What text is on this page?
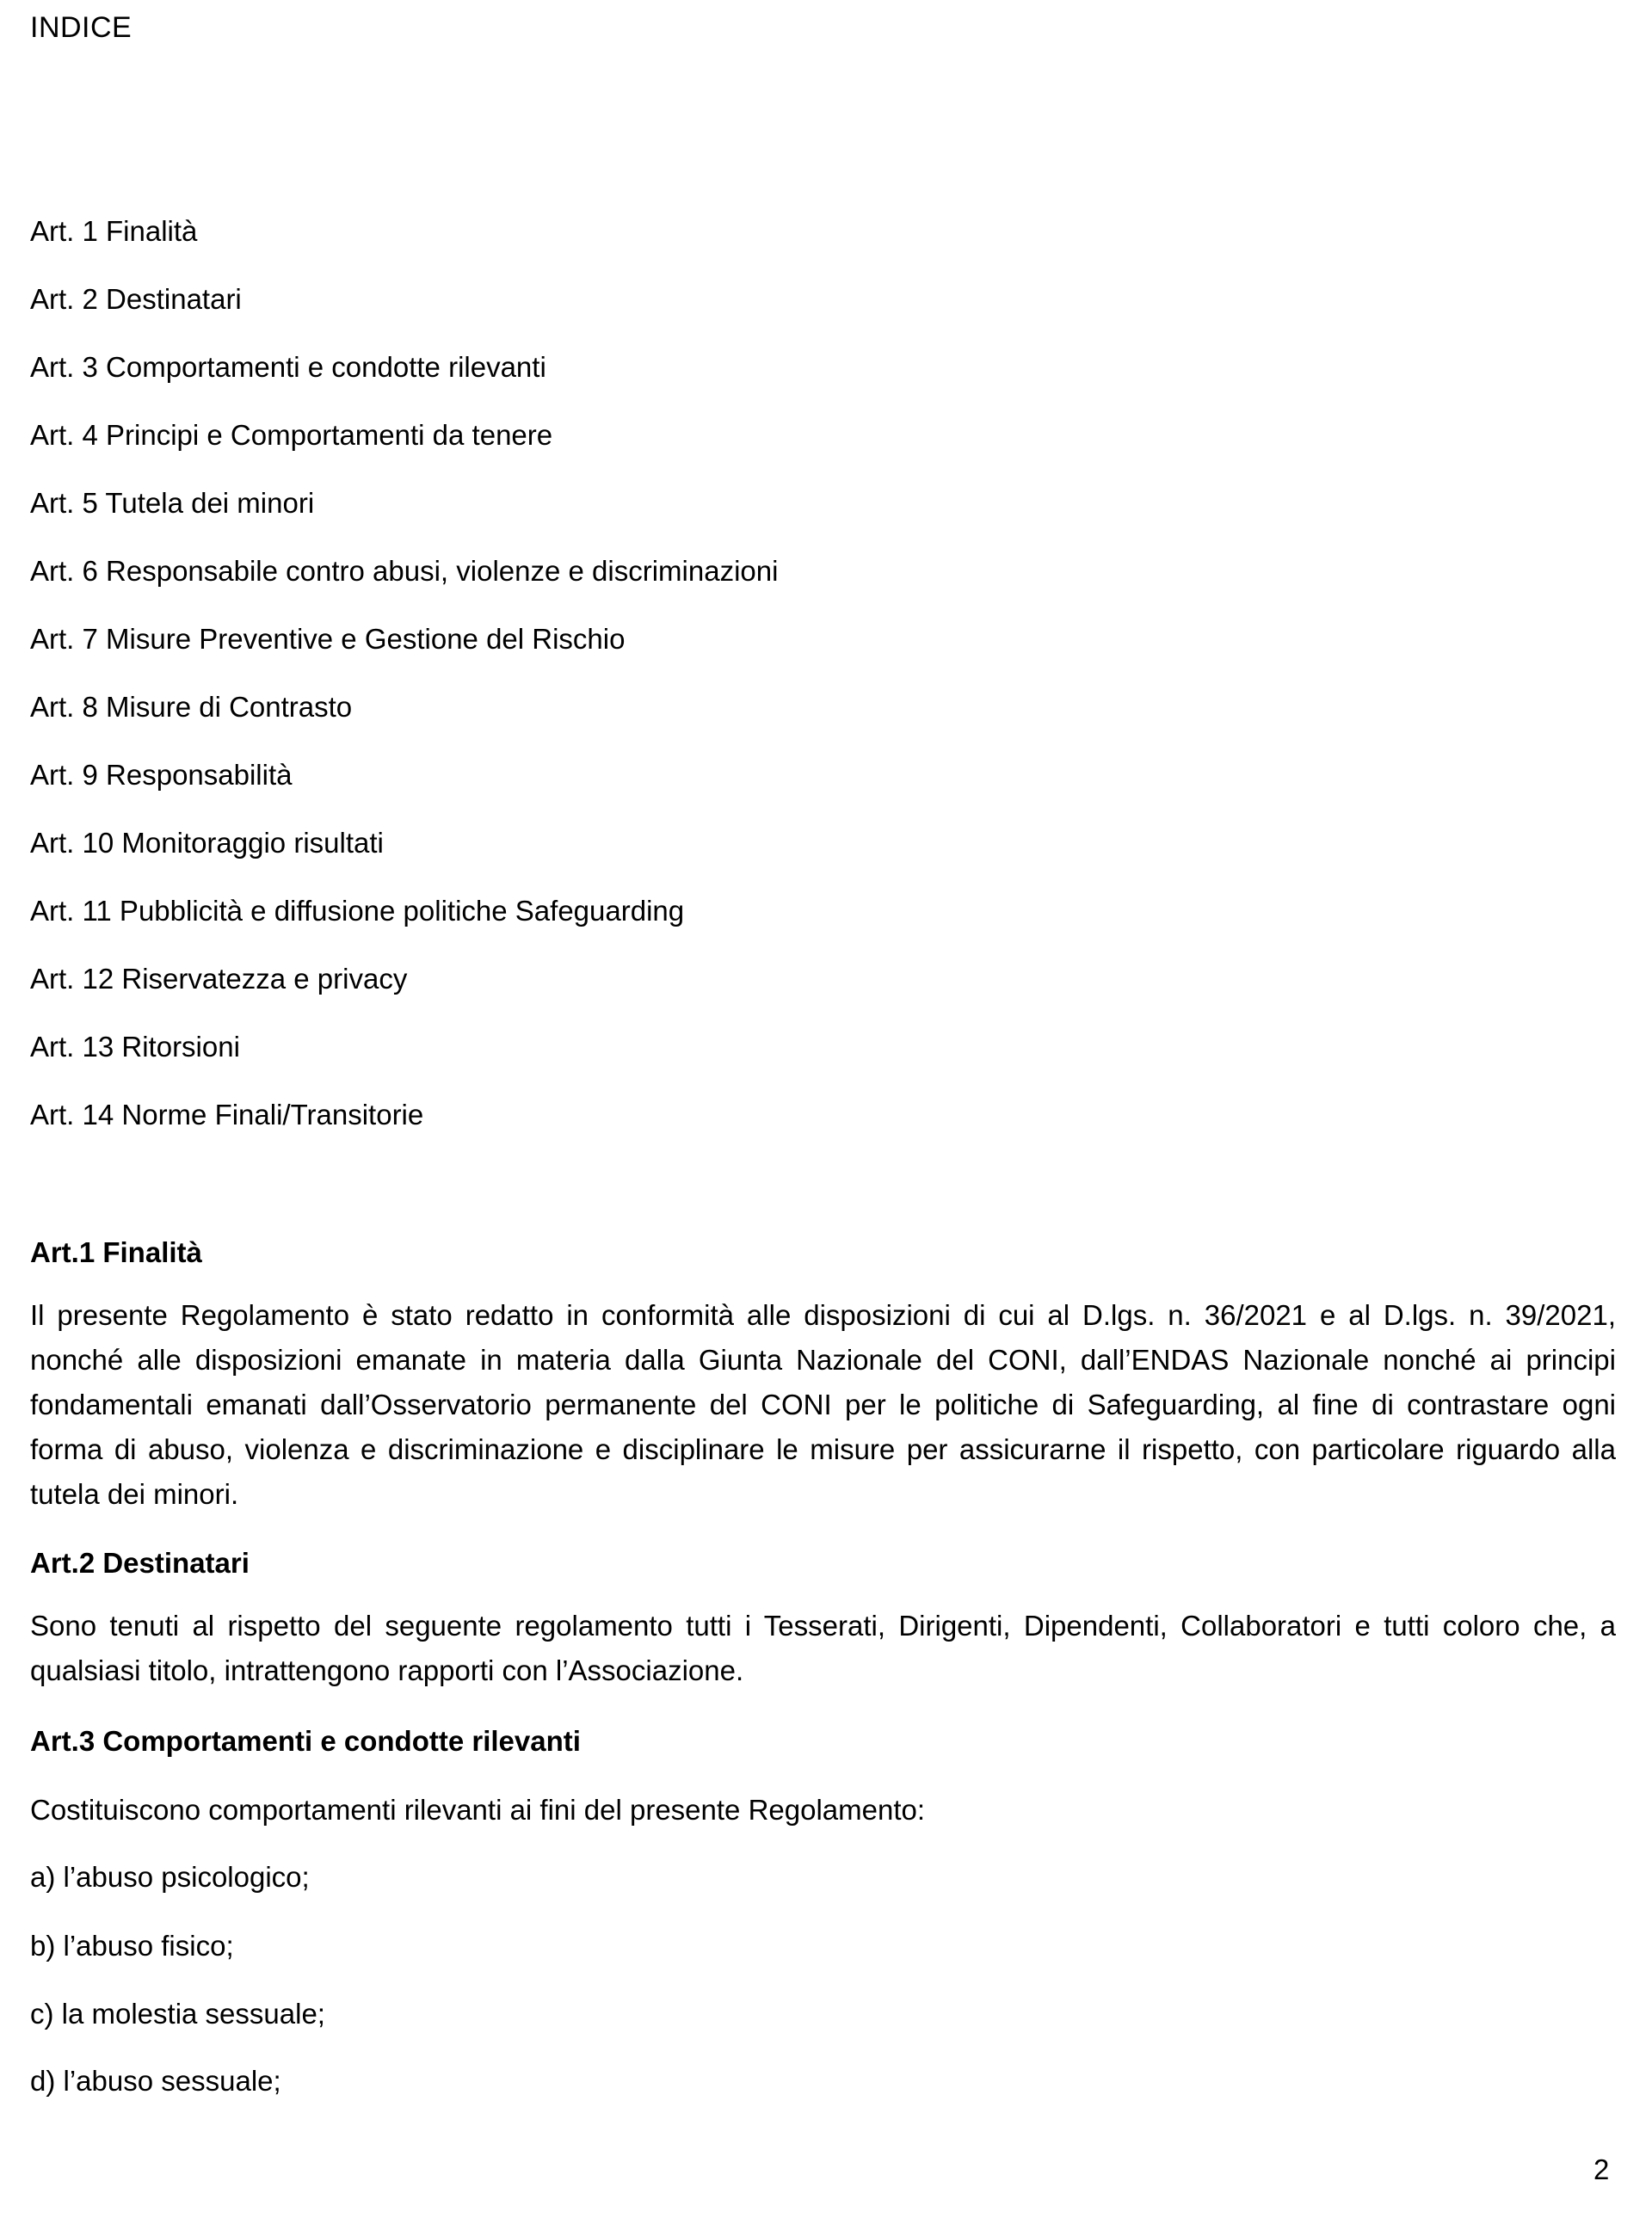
INDICE
Art. 1 Finalità
Art. 2 Destinatari
Art. 3 Comportamenti e condotte rilevanti
Art. 4 Principi e Comportamenti da tenere
Art. 5 Tutela dei minori
Art. 6 Responsabile contro abusi, violenze e discriminazioni
Art. 7 Misure Preventive e Gestione del Rischio
Art. 8 Misure di Contrasto
Art. 9 Responsabilità
Art. 10 Monitoraggio risultati
Art. 11 Pubblicità e diffusione politiche Safeguarding
Art. 12 Riservatezza e privacy
Art. 13 Ritorsioni
Art. 14 Norme Finali/Transitorie
Art.1 Finalità

Il presente Regolamento è stato redatto in conformità alle disposizioni di cui al D.lgs. n. 36/2021 e al D.lgs. n. 39/2021, nonché alle disposizioni emanate in materia dalla Giunta Nazionale del CONI, dall’ENDAS Nazionale nonché ai principi fondamentali emanati dall’Osservatorio permanente del CONI per le politiche di Safeguarding, al fine di contrastare ogni forma di abuso, violenza e discriminazione e disciplinare le misure per assicurarne il rispetto, con particolare riguardo alla tutela dei minori.

Art.2 Destinatari

Sono tenuti al rispetto del seguente regolamento tutti i Tesserati, Dirigenti, Dipendenti, Collaboratori e tutti coloro che, a qualsiasi titolo, intrattengono rapporti con l’Associazione.

Art.3 Comportamenti e condotte rilevanti

Costituiscono comportamenti rilevanti ai fini del presente Regolamento:

a) l’abuso psicologico;

b) l’abuso fisico;

c) la molestia sessuale;

d) l’abuso sessuale;

2
